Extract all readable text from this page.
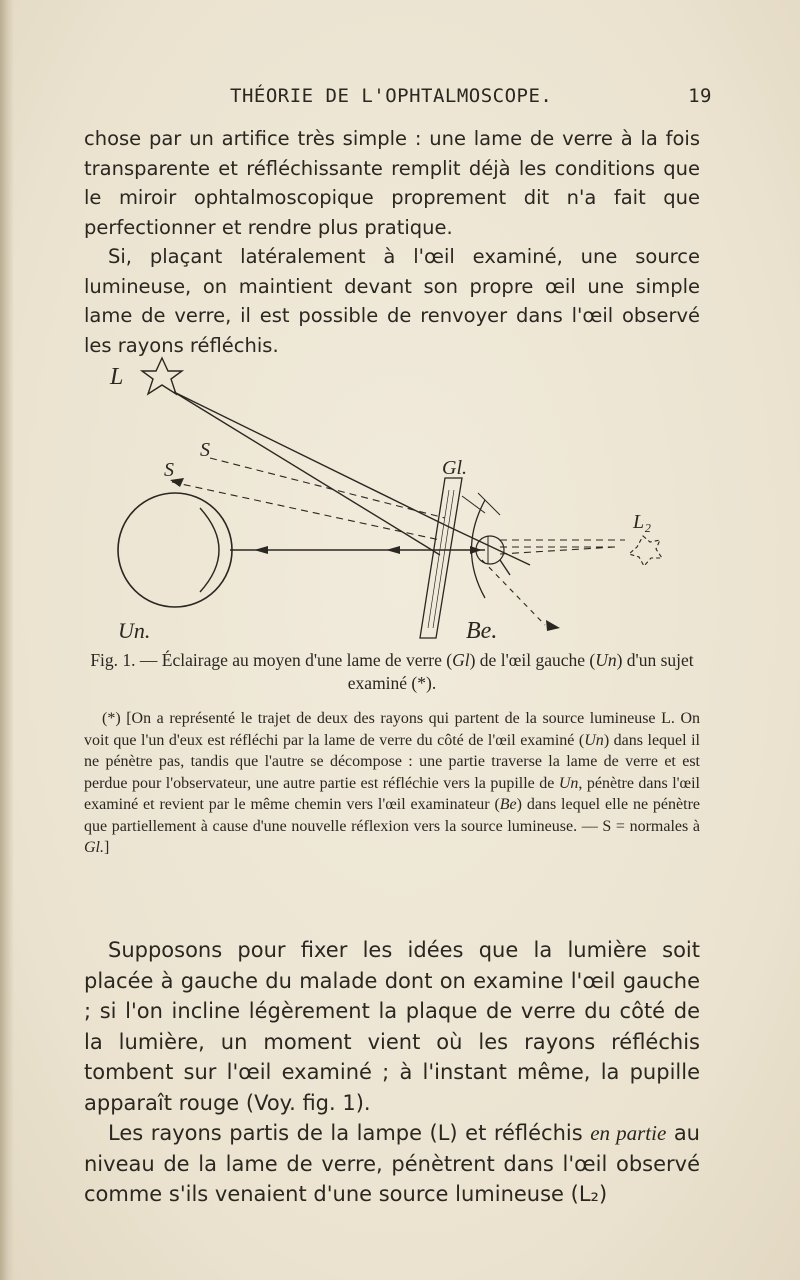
THÉORIE DE L'OPHTALMOSCOPE.	19

chose par un artifice très simple : une lame de verre à la fois transparente et réfléchissante remplit déjà les conditions que le miroir ophtalmoscopique proprement dit n'a fait que perfectionner et rendre plus pratique.

Si, plaçant latéralement à l'œil examiné, une source lumineuse, on maintient devant son propre œil une simple lame de verre, il est possible de renvoyer dans l'œil observé les rayons réfléchis.

L
S
S	Gl.
L₂
Un.	Be.
Fig. 1. — Éclairage au moyen d'une lame de verre (Gl) de l'œil gauche (Un) d'un sujet examiné (*).

(*) [On a représenté le trajet de deux des rayons qui partent de la source lumineuse L. On voit que l'un d'eux est réfléchi par la lame de verre du côté de l'œil examiné (Un) dans lequel il ne pénètre pas, tandis que l'autre se décompose : une partie traverse la lame de verre et est perdue pour l'observateur, une autre partie est réfléchie vers la pupille de Un, pénètre dans l'œil examiné et revient par le même chemin vers l'œil examinateur (Be) dans lequel elle ne pénètre que partiellement à cause d'une nouvelle réflexion vers la source lumineuse. — S = normales à Gl.]

Supposons pour fixer les idées que la lumière soit placée à gauche du malade dont on examine l'œil gauche ; si l'on incline légèrement la plaque de verre du côté de la lumière, un moment vient où les rayons réfléchis tombent sur l'œil examiné ; à l'instant même, la pupille apparaît rouge (Voy. fig. 1).

Les rayons partis de la lampe (L) et réfléchis en partie au niveau de la lame de verre, pénètrent dans l'œil observé comme s'ils venaient d'une source lumineuse (L₂)
